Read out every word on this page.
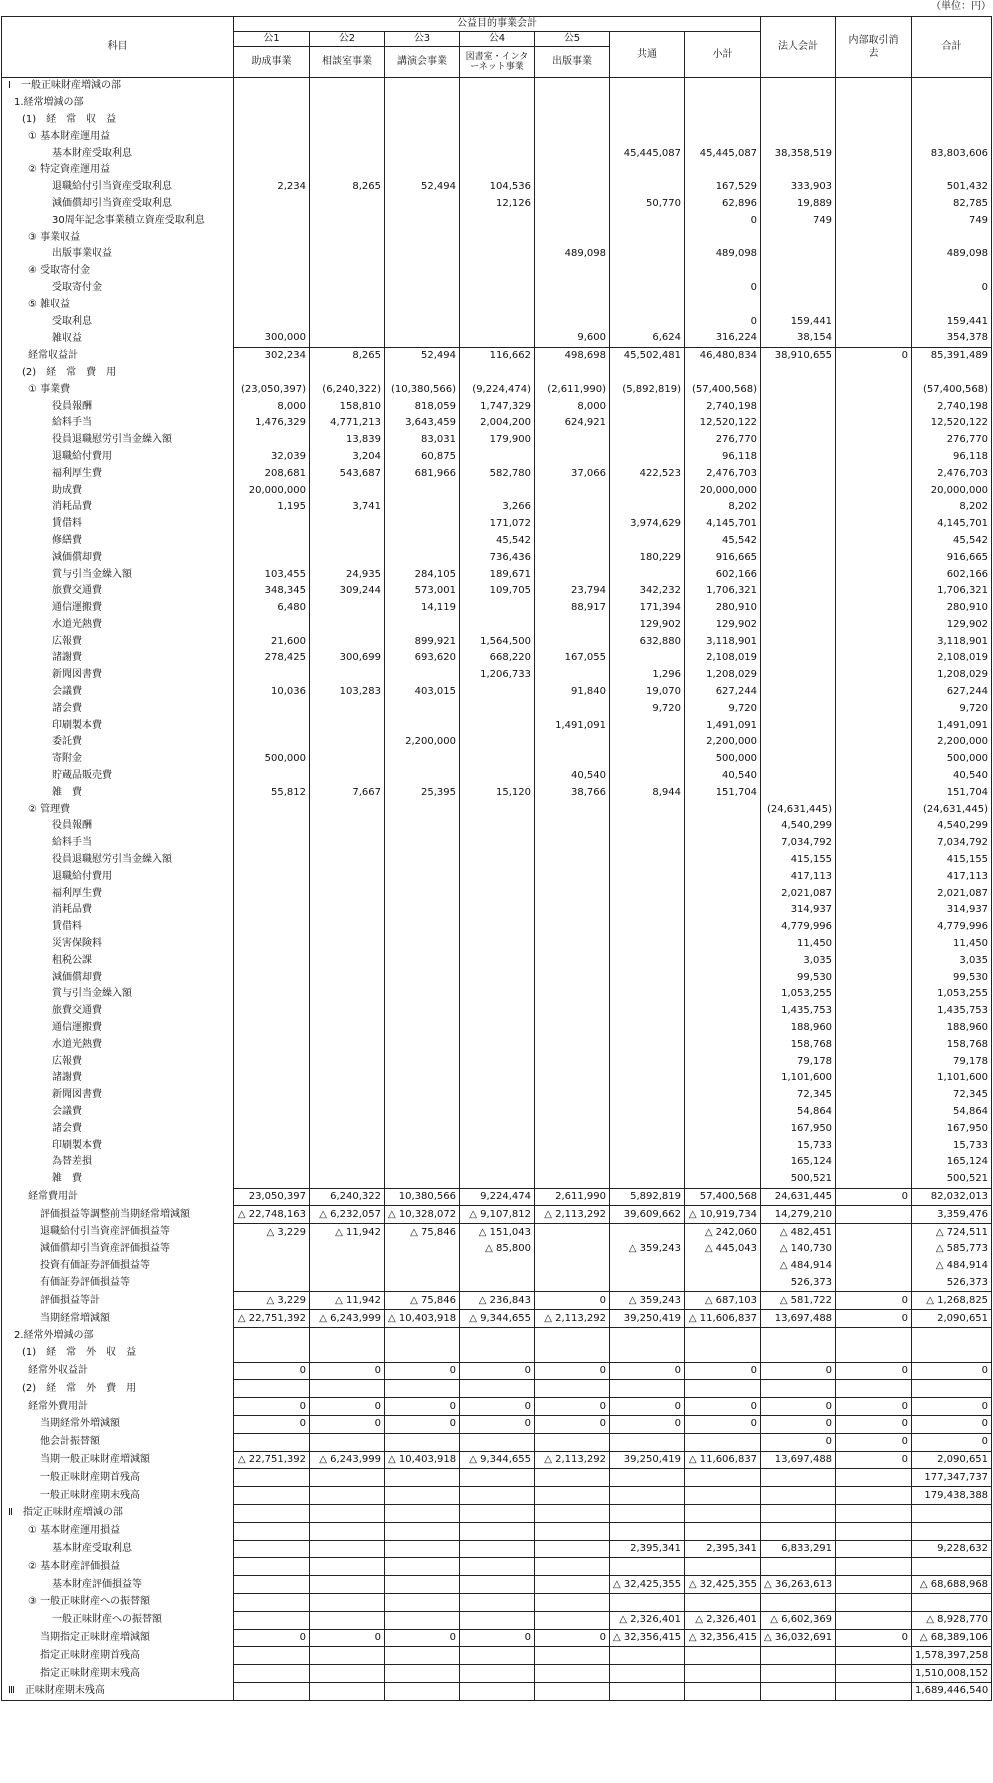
（単位：円）
科目	公益目的事業会計							法人会計	内部取引消去	合計
	公1	公2	公3	公4	公5	共通	小計			
	助成事業	相談室事業	講演会事業	図書室・インターネット事業	出版事業					
Ⅰ　一般正味財産増減の部										
1.経常増減の部										
(1)　経　常　収　益										
① 基本財産運用益										
基本財産受取利息						45,445,087	45,445,087	38,358,519		83,803,606
② 特定資産運用益										
退職給付引当資産受取利息	2,234	8,265	52,494	104,536			167,529	333,903		501,432
減価償却引当資産受取利息				12,126		50,770	62,896	19,889		82,785
30周年記念事業積立資産受取利息							0	749		749
③ 事業収益										
出版事業収益					489,098		489,098			489,098
④ 受取寄付金										
受取寄付金							0			0
⑤ 雑収益										
受取利息							0	159,441		159,441
雑収益	300,000				9,600	6,624	316,224	38,154		354,378
経常収益計	302,234	8,265	52,494	116,662	498,698	45,502,481	46,480,834	38,910,655	0	85,391,489
(2)　経　常　費　用										
① 事業費	(23,050,397)	(6,240,322)	(10,380,566)	(9,224,474)	(2,611,990)	(5,892,819)	(57,400,568)			(57,400,568)
役員報酬	8,000	158,810	818,059	1,747,329	8,000		2,740,198			2,740,198
給料手当	1,476,329	4,771,213	3,643,459	2,004,200	624,921		12,520,122			12,520,122
役員退職慰労引当金繰入額		13,839	83,031	179,900			276,770			276,770
退職給付費用	32,039	3,204	60,875				96,118			96,118
福利厚生費	208,681	543,687	681,966	582,780	37,066	422,523	2,476,703			2,476,703
助成費	20,000,000						20,000,000			20,000,000
消耗品費	1,195	3,741		3,266			8,202			8,202
賃借料				171,072		3,974,629	4,145,701			4,145,701
修繕費				45,542			45,542			45,542
減価償却費				736,436		180,229	916,665			916,665
賞与引当金繰入額	103,455	24,935	284,105	189,671			602,166			602,166
旅費交通費	348,345	309,244	573,001	109,705	23,794	342,232	1,706,321			1,706,321
通信運搬費	6,480		14,119		88,917	171,394	280,910			280,910
水道光熱費						129,902	129,902			129,902
広報費	21,600		899,921	1,564,500		632,880	3,118,901			3,118,901
諸謝費	278,425	300,699	693,620	668,220	167,055		2,108,019			2,108,019
新聞図書費				1,206,733		1,296	1,208,029			1,208,029
会議費	10,036	103,283	403,015		91,840	19,070	627,244			627,244
諸会費						9,720	9,720			9,720
印刷製本費					1,491,091		1,491,091			1,491,091
委託費			2,200,000				2,200,000			2,200,000
寄附金	500,000						500,000			500,000
貯蔵品販売費					40,540		40,540			40,540
雑　費	55,812	7,667	25,395	15,120	38,766	8,944	151,704			151,704
② 管理費								(24,631,445)		(24,631,445)
役員報酬								4,540,299		4,540,299
給料手当								7,034,792		7,034,792
役員退職慰労引当金繰入額								415,155		415,155
退職給付費用								417,113		417,113
福利厚生費								2,021,087		2,021,087
消耗品費								314,937		314,937
賃借料								4,779,996		4,779,996
災害保険料								11,450		11,450
租税公課								3,035		3,035
減価償却費								99,530		99,530
賞与引当金繰入額								1,053,255		1,053,255
旅費交通費								1,435,753		1,435,753
通信運搬費								188,960		188,960
水道光熱費								158,768		158,768
広報費								79,178		79,178
諸謝費								1,101,600		1,101,600
新聞図書費								72,345		72,345
会議費								54,864		54,864
諸会費								167,950		167,950
印刷製本費								15,733		15,733
為替差損								165,124		165,124
雑　費								500,521		500,521
経常費用計	23,050,397	6,240,322	10,380,566	9,224,474	2,611,990	5,892,819	57,400,568	24,631,445	0	82,032,013
評価損益等調整前当期経常増減額	△ 22,748,163	△ 6,232,057	△ 10,328,072	△ 9,107,812	△ 2,113,292	39,609,662	△ 10,919,734	14,279,210		3,359,476
退職給付引当資産評価損益等	△ 3,229	△ 11,942	△ 75,846	△ 151,043			△ 242,060	△ 482,451		△ 724,511
減価償却引当資産評価損益等				△ 85,800		△ 359,243	△ 445,043	△ 140,730		△ 585,773
投資有価証券評価損益等								△ 484,914		△ 484,914
有価証券評価損益等								526,373		526,373
評価損益等計	△ 3,229	△ 11,942	△ 75,846	△ 236,843	0	△ 359,243	△ 687,103	△ 581,722	0	△ 1,268,825
当期経常増減額	△ 22,751,392	△ 6,243,999	△ 10,403,918	△ 9,344,655	△ 2,113,292	39,250,419	△ 11,606,837	13,697,488	0	2,090,651
2.経常外増減の部										
(1)　経　常　外　収　益										
経常外収益計	0	0	0	0	0	0	0	0	0	0
(2)　経　常　外　費　用										
経常外費用計	0	0	0	0	0	0	0	0	0	0
当期経常外増減額	0	0	0	0	0	0	0	0	0	0
他会計振替額								0	0	0
当期一般正味財産増減額	△ 22,751,392	△ 6,243,999	△ 10,403,918	△ 9,344,655	△ 2,113,292	39,250,419	△ 11,606,837	13,697,488	0	2,090,651
一般正味財産期首残高										177,347,737
一般正味財産期末残高										179,438,388
Ⅱ　指定正味財産増減の部										
① 基本財産運用損益										
基本財産受取利息						2,395,341	2,395,341	6,833,291		9,228,632
② 基本財産評価損益										
基本財産評価損益等						△ 32,425,355	△ 32,425,355	△ 36,263,613		△ 68,688,968
③ 一般正味財産への振替額										
一般正味財産への振替額						△ 2,326,401	△ 2,326,401	△ 6,602,369		△ 8,928,770
当期指定正味財産増減額	0	0	0	0	0	△ 32,356,415	△ 32,356,415	△ 36,032,691	0	△ 68,389,106
指定正味財産期首残高										1,578,397,258
指定正味財産期末残高										1,510,008,152
Ⅲ　正味財産期末残高										1,689,446,540
